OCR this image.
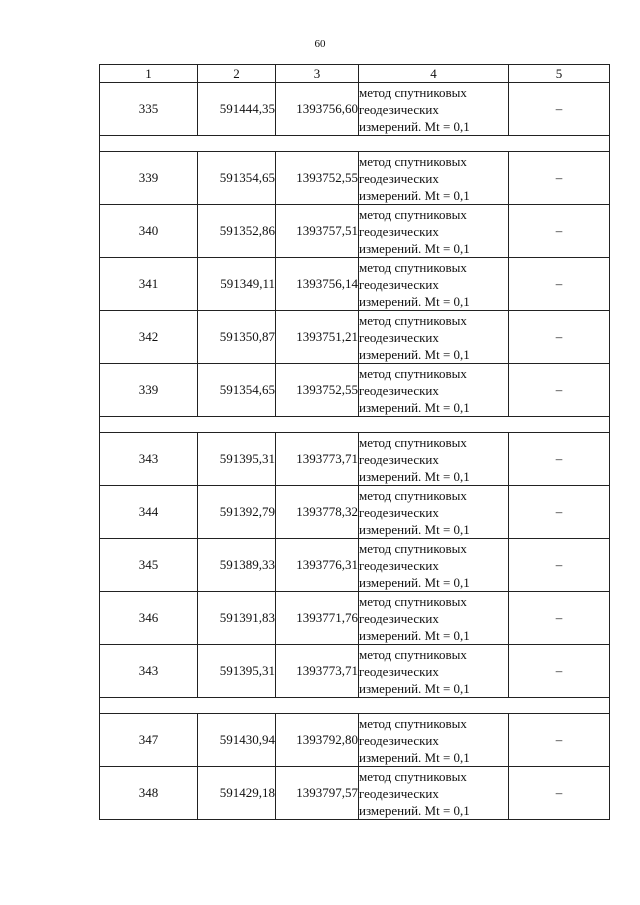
60
1	2	3	4	5
335	591444,35	1393756,60	метод спутниковых
геодезических
измерений. Mt = 0,1	–

339	591354,65	1393752,55	метод спутниковых
геодезических
измерений. Mt = 0,1	–
340	591352,86	1393757,51	метод спутниковых
геодезических
измерений. Mt = 0,1	–
341	591349,11	1393756,14	метод спутниковых
геодезических
измерений. Mt = 0,1	–
342	591350,87	1393751,21	метод спутниковых
геодезических
измерений. Mt = 0,1	–
339	591354,65	1393752,55	метод спутниковых
геодезических
измерений. Mt = 0,1	–

343	591395,31	1393773,71	метод спутниковых
геодезических
измерений. Mt = 0,1	–
344	591392,79	1393778,32	метод спутниковых
геодезических
измерений. Mt = 0,1	–
345	591389,33	1393776,31	метод спутниковых
геодезических
измерений. Mt = 0,1	–
346	591391,83	1393771,76	метод спутниковых
геодезических
измерений. Mt = 0,1	–
343	591395,31	1393773,71	метод спутниковых
геодезических
измерений. Mt = 0,1	–

347	591430,94	1393792,80	метод спутниковых
геодезических
измерений. Mt = 0,1	–
348	591429,18	1393797,57	метод спутниковых
геодезических
измерений. Mt = 0,1	–
